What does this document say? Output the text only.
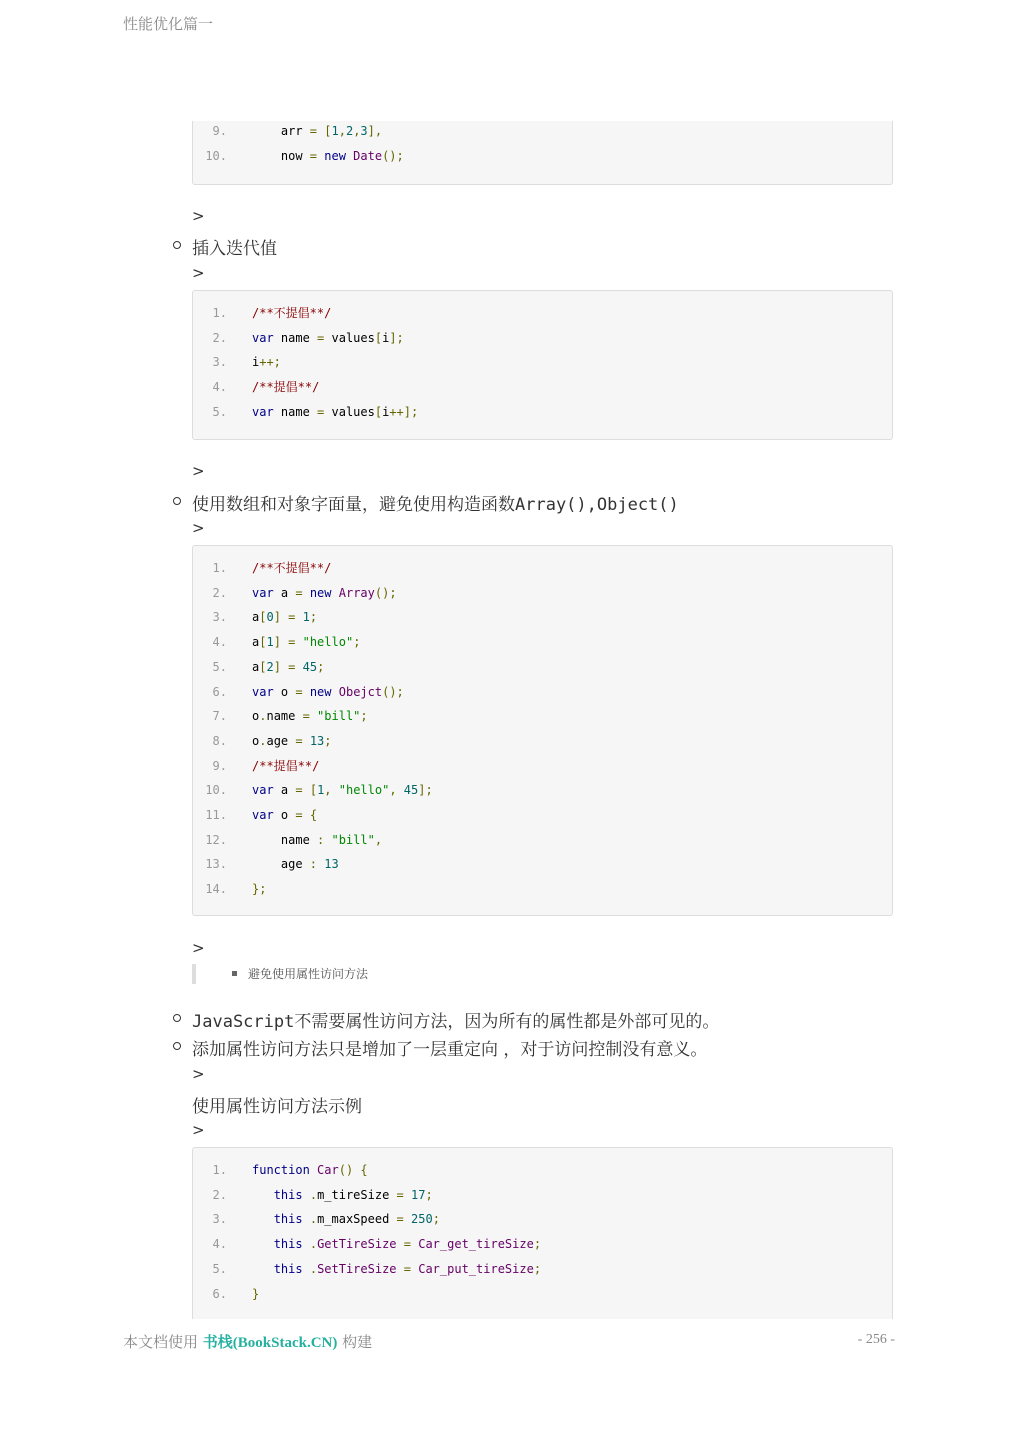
性能优化篇一
9. arr = [1,2,3],
10. now = new Date();
>
插入迭代值
>
1. /**不提倡**/
2. var name = values[i];
3. i++;
4. /**提倡**/
5. var name = values[i++];
>
使用数组和对象字面量，避免使用构造函数Array(),Object()
>
1. /**不提倡**/
2. var a = new Array();
3. a[0] = 1;
4. a[1] = "hello";
5. a[2] = 45;
6. var o = new Obejct();
7. o.name = "bill";
8. o.age = 13;
9. /**提倡**/
10. var a = [1, "hello", 45];
11. var o = {
12. name : "bill",
13. age : 13
14. };
>
避免使用属性访问方法
JavaScript不需要属性访问方法，因为所有的属性都是外部可见的。
添加属性访问方法只是增加了一层重定向 ，对于访问控制没有意义。
>
使用属性访问方法示例
>
1. function Car() {
2.	this .m_tireSize = 17;
3.	this .m_maxSpeed = 250;
4.	this .GetTireSize = Car_get_tireSize;
5.	this .SetTireSize = Car_put_tireSize;
6. }
本文档使用 书栈(BookStack.CN) 构建	- 256 -
